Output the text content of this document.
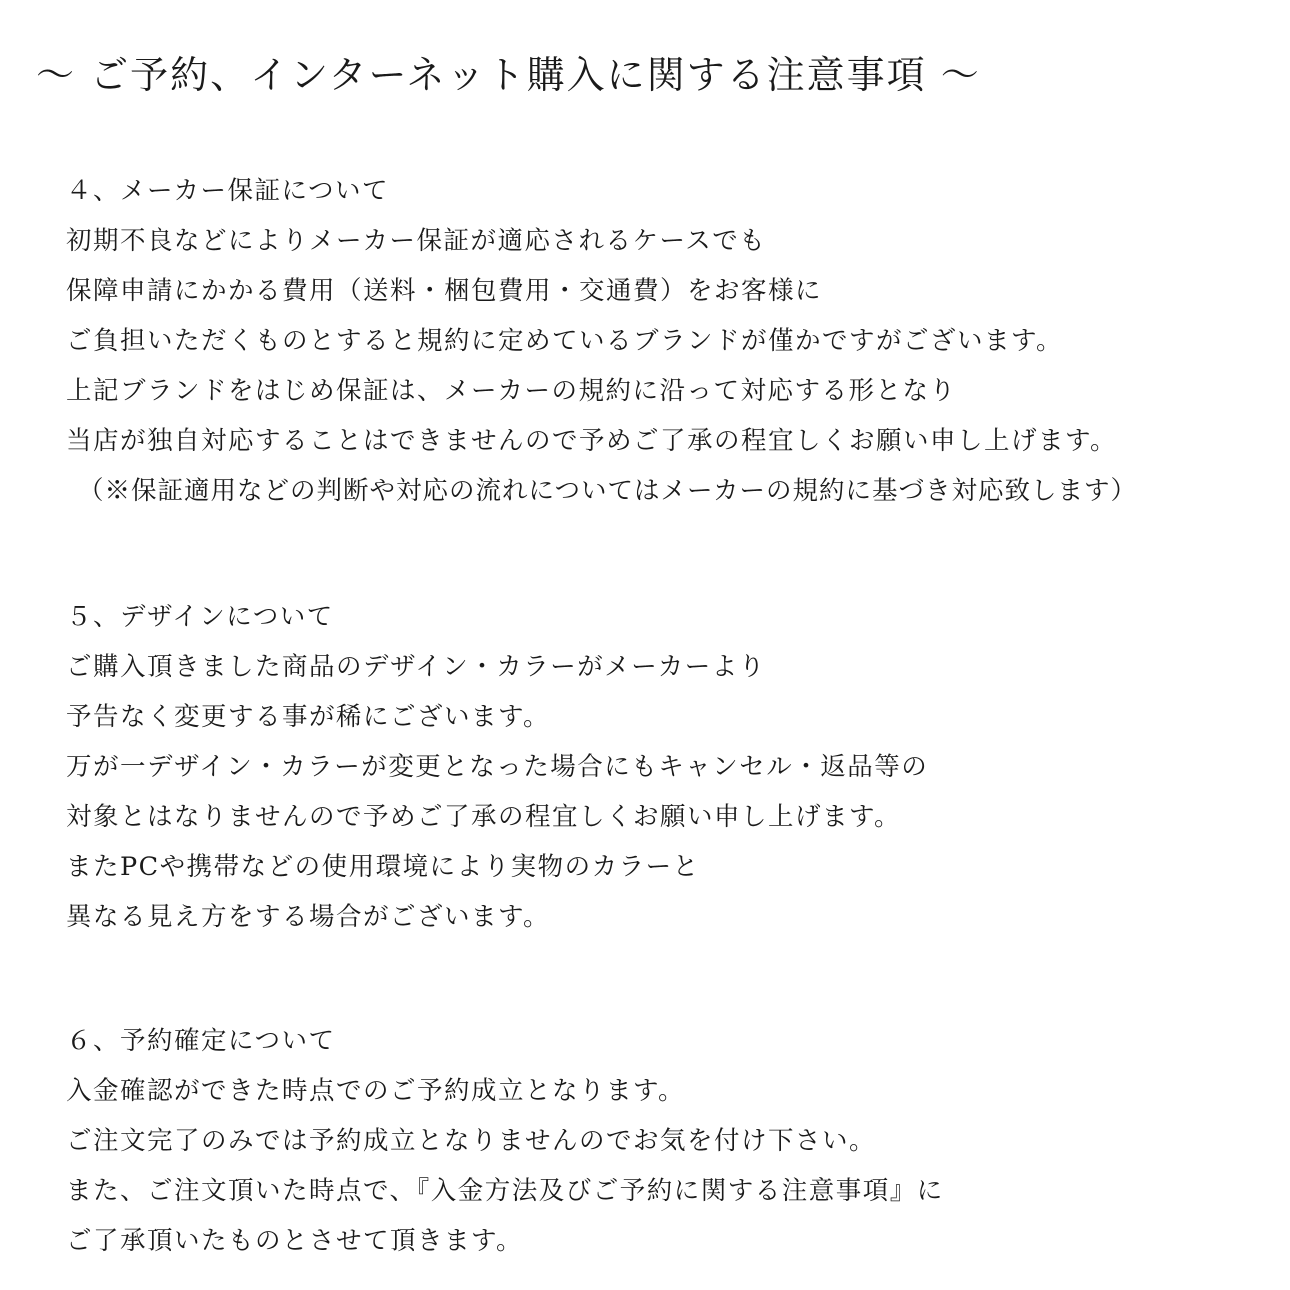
〜 ご予約、インターネット購入に関する注意事項 〜

４、メーカー保証について

初期不良などによりメーカー保証が適応されるケースでも

保障申請にかかる費用（送料・梱包費用・交通費）をお客様に

ご負担いただくものとすると規約に定めているブランドが僅かですがございます。

上記ブランドをはじめ保証は、メーカーの規約に沿って対応する形となり

当店が独自対応することはできませんので予めご了承の程宜しくお願い申し上げます。

（※保証適用などの判断や対応の流れについてはメーカーの規約に基づき対応致します）

５、デザインについて

ご購入頂きました商品のデザイン・カラーがメーカーより

予告なく変更する事が稀にございます。

万が一デザイン・カラーが変更となった場合にもキャンセル・返品等の

対象とはなりませんので予めご了承の程宜しくお願い申し上げます。

またPCや携帯などの使用環境により実物のカラーと

異なる見え方をする場合がございます。

６、予約確定について

入金確認ができた時点でのご予約成立となります。

ご注文完了のみでは予約成立となりませんのでお気を付け下さい。

また、ご注文頂いた時点で、『入金方法及びご予約に関する注意事項』に

ご了承頂いたものとさせて頂きます。
